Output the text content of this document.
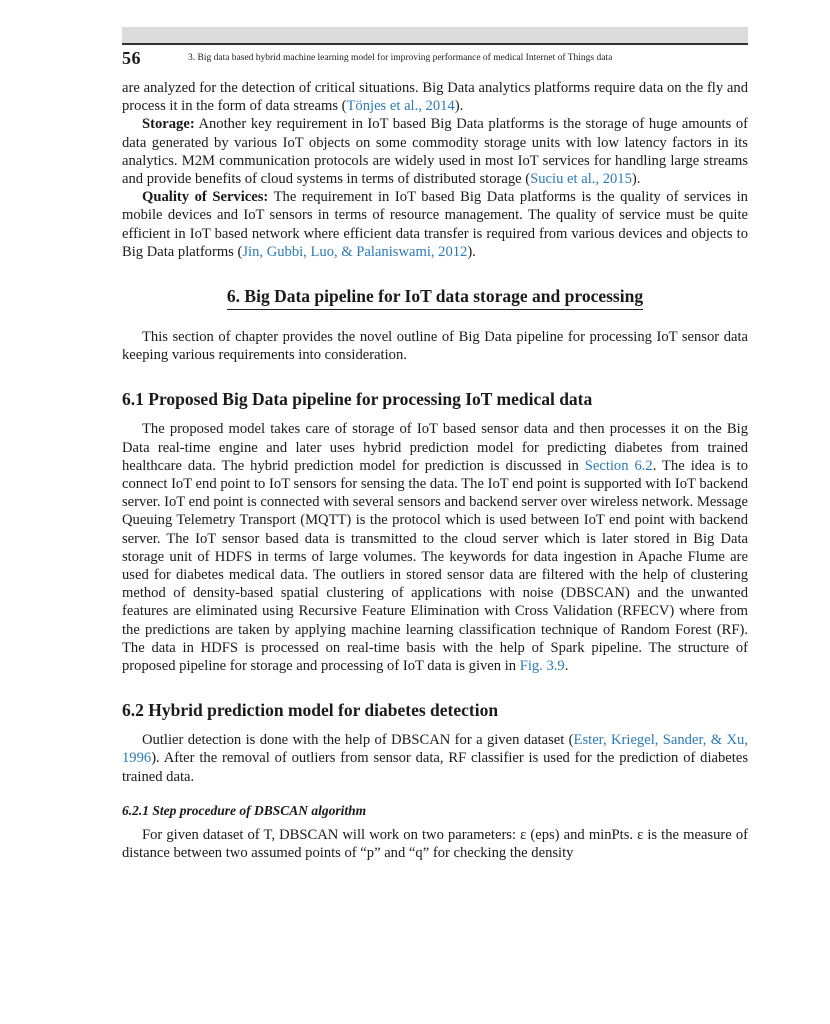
56	3. Big data based hybrid machine learning model for improving performance of medical Internet of Things data

are analyzed for the detection of critical situations. Big Data analytics platforms require data on the fly and process it in the form of data streams (Tönjes et al., 2014).

Storage: Another key requirement in IoT based Big Data platforms is the storage of huge amounts of data generated by various IoT objects on some commodity storage units with low latency factors in its analytics. M2M communication protocols are widely used in most IoT services for handling large streams and provide benefits of cloud systems in terms of distributed storage (Suciu et al., 2015).

Quality of Services: The requirement in IoT based Big Data platforms is the quality of services in mobile devices and IoT sensors in terms of resource management. The quality of service must be quite efficient in IoT based network where efficient data transfer is required from various devices and objects to Big Data platforms (Jin, Gubbi, Luo, & Palaniswami, 2012).

6. Big Data pipeline for IoT data storage and processing

This section of chapter provides the novel outline of Big Data pipeline for processing IoT sensor data keeping various requirements into consideration.

6.1 Proposed Big Data pipeline for processing IoT medical data

The proposed model takes care of storage of IoT based sensor data and then processes it on the Big Data real-time engine and later uses hybrid prediction model for predicting diabetes from trained healthcare data. The hybrid prediction model for prediction is discussed in Section 6.2. The idea is to connect IoT end point to IoT sensors for sensing the data. The IoT end point is supported with IoT backend server. IoT end point is connected with several sensors and backend server over wireless network. Message Queuing Telemetry Transport (MQTT) is the protocol which is used between IoT end point with backend server. The IoT sensor based data is transmitted to the cloud server which is later stored in Big Data storage unit of HDFS in terms of large volumes. The keywords for data ingestion in Apache Flume are used for diabetes medical data. The outliers in stored sensor data are filtered with the help of clustering method of density-based spatial clustering of applications with noise (DBSCAN) and the unwanted features are eliminated using Recursive Feature Elimination with Cross Validation (RFECV) where from the predictions are taken by applying machine learning classification technique of Random Forest (RF). The data in HDFS is processed on real-time basis with the help of Spark pipeline. The structure of proposed pipeline for storage and processing of IoT data is given in Fig. 3.9.

6.2 Hybrid prediction model for diabetes detection

Outlier detection is done with the help of DBSCAN for a given dataset (Ester, Kriegel, Sander, & Xu, 1996). After the removal of outliers from sensor data, RF classifier is used for the prediction of diabetes trained data.

6.2.1 Step procedure of DBSCAN algorithm

For given dataset of T, DBSCAN will work on two parameters: ε (eps) and minPts. ε is the measure of distance between two assumed points of “p” and “q” for checking the density
